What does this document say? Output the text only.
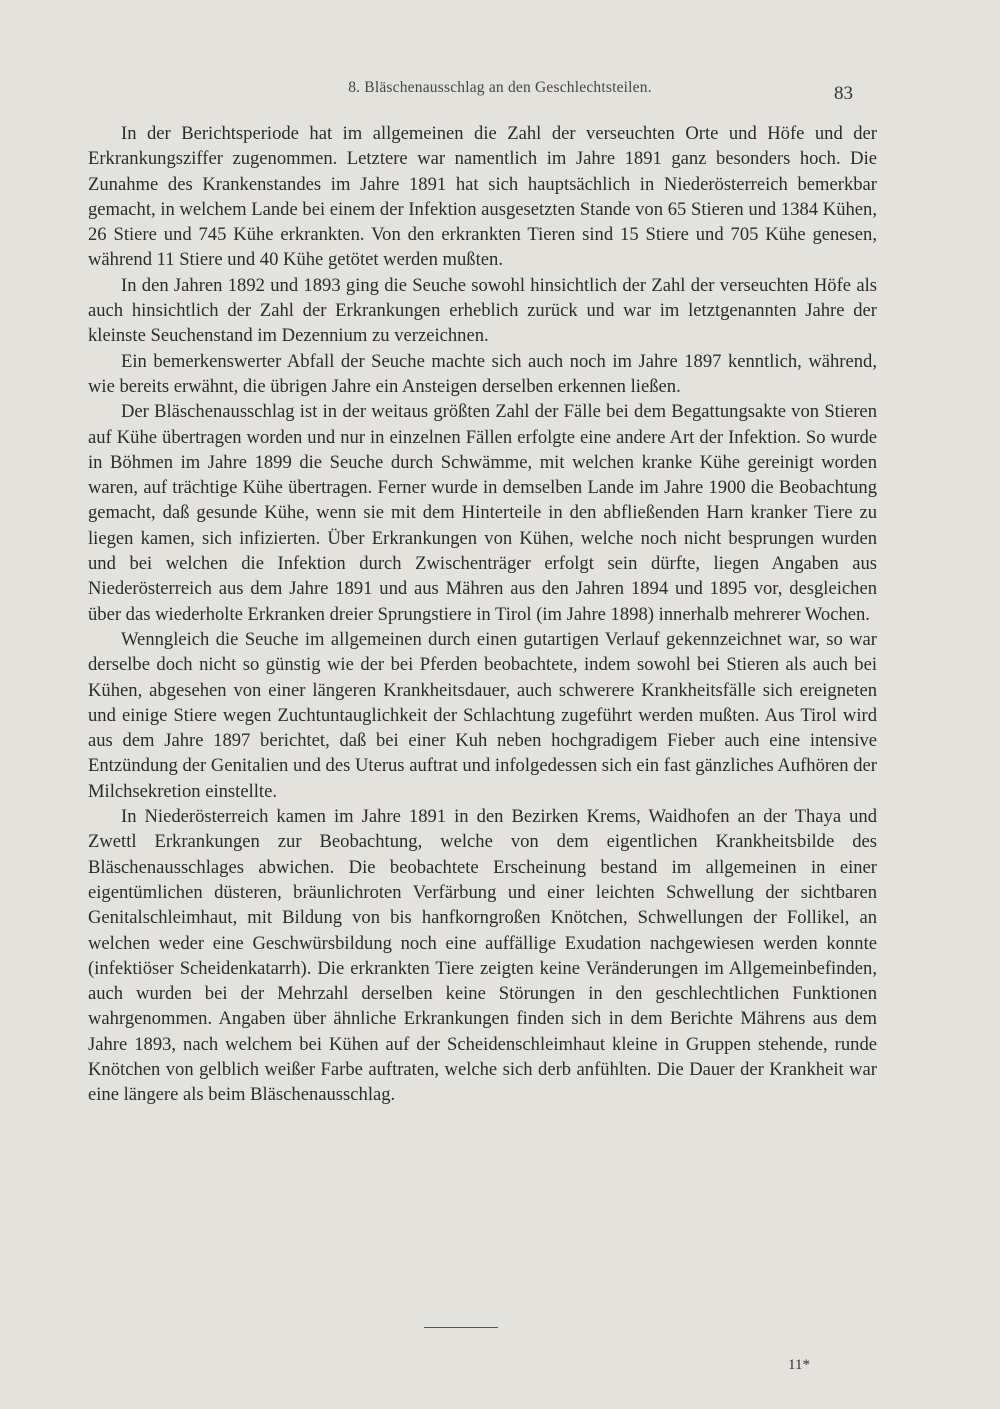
8. Bläschenausschlag an den Geschlechtsteilen.	83

In der Berichtsperiode hat im allgemeinen die Zahl der verseuchten Orte und Höfe und der Erkrankungsziffer zugenommen. Letztere war namentlich im Jahre 1891 ganz besonders hoch. Die Zunahme des Krankenstandes im Jahre 1891 hat sich hauptsächlich in Niederösterreich bemerkbar gemacht, in welchem Lande bei einem der Infektion ausgesetzten Stande von 65 Stieren und 1384 Kühen, 26 Stiere und 745 Kühe erkrankten. Von den erkrankten Tieren sind 15 Stiere und 705 Kühe genesen, während 11 Stiere und 40 Kühe getötet werden mußten.

In den Jahren 1892 und 1893 ging die Seuche sowohl hinsichtlich der Zahl der verseuchten Höfe als auch hinsichtlich der Zahl der Erkrankungen erheblich zurück und war im letztgenannten Jahre der kleinste Seuchenstand im Dezennium zu verzeichnen.

Ein bemerkenswerter Abfall der Seuche machte sich auch noch im Jahre 1897 kenntlich, während, wie bereits erwähnt, die übrigen Jahre ein Ansteigen derselben erkennen ließen.

Der Bläschenausschlag ist in der weitaus größten Zahl der Fälle bei dem Begattungsakte von Stieren auf Kühe übertragen worden und nur in einzelnen Fällen erfolgte eine andere Art der Infektion. So wurde in Böhmen im Jahre 1899 die Seuche durch Schwämme, mit welchen kranke Kühe gereinigt worden waren, auf trächtige Kühe übertragen. Ferner wurde in demselben Lande im Jahre 1900 die Beobachtung gemacht, daß gesunde Kühe, wenn sie mit dem Hinterteile in den abfließenden Harn kranker Tiere zu liegen kamen, sich infizierten. Über Erkrankungen von Kühen, welche noch nicht besprungen wurden und bei welchen die Infektion durch Zwischenträger erfolgt sein dürfte, liegen Angaben aus Niederösterreich aus dem Jahre 1891 und aus Mähren aus den Jahren 1894 und 1895 vor, desgleichen über das wiederholte Erkranken dreier Sprungstiere in Tirol (im Jahre 1898) innerhalb mehrerer Wochen.

Wenngleich die Seuche im allgemeinen durch einen gutartigen Verlauf gekennzeichnet war, so war derselbe doch nicht so günstig wie der bei Pferden beobachtete, indem sowohl bei Stieren als auch bei Kühen, abgesehen von einer längeren Krankheitsdauer, auch schwerere Krankheitsfälle sich ereigneten und einige Stiere wegen Zuchtuntauglichkeit der Schlachtung zugeführt werden mußten. Aus Tirol wird aus dem Jahre 1897 berichtet, daß bei einer Kuh neben hochgradigem Fieber auch eine intensive Entzündung der Genitalien und des Uterus auftrat und infolgedessen sich ein fast gänzliches Aufhören der Milchsekretion einstellte.

In Niederösterreich kamen im Jahre 1891 in den Bezirken Krems, Waidhofen an der Thaya und Zwettl Erkrankungen zur Beobachtung, welche von dem eigentlichen Krankheitsbilde des Bläschenausschlages abwichen. Die beobachtete Erscheinung bestand im allgemeinen in einer eigentümlichen düsteren, bräunlichroten Verfärbung und einer leichten Schwellung der sichtbaren Genitalschleimhaut, mit Bildung von bis hanfkorngroßen Knötchen, Schwellungen der Follikel, an welchen weder eine Geschwürsbildung noch eine auffällige Exudation nachgewiesen werden konnte (infektiöser Scheidenkatarrh). Die erkrankten Tiere zeigten keine Veränderungen im Allgemeinbefinden, auch wurden bei der Mehrzahl derselben keine Störungen in den geschlechtlichen Funktionen wahrgenommen. Angaben über ähnliche Erkrankungen finden sich in dem Berichte Mährens aus dem Jahre 1893, nach welchem bei Kühen auf der Scheidenschleimhaut kleine in Gruppen stehende, runde Knötchen von gelblich weißer Farbe auftraten, welche sich derb anfühlten. Die Dauer der Krankheit war eine längere als beim Bläschenausschlag.

11*
